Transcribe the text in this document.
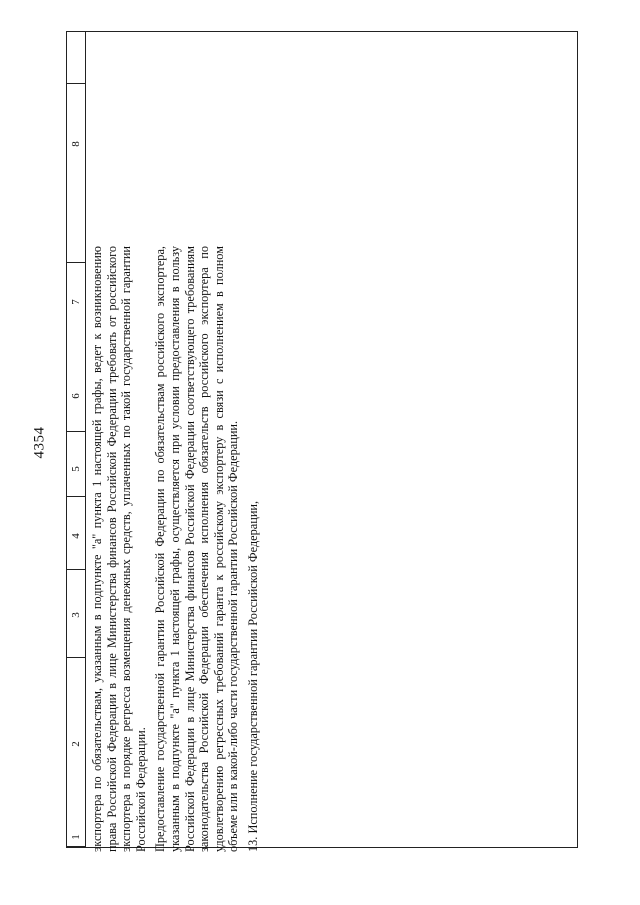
4354
8
7
6
5
4
3
2
1 экспортера по обязательствам, указанным в подпункте "а" пункта 1 настоящей графы, ведет к возникновению права Российской Федерации в лице Министерства финансов Российской Федерации требовать от российского экспортера в порядке регресса возмещения денежных средств, уплаченных по такой государственной гарантии Российской Федерации. Предоставление государственной гарантии Российской Федерации по обязательствам российского экспортера, указанным в подпункте "а" пункта 1 настоящей графы, осуществляется при условии предоставления в пользу Российской Федерации в лице Министерства финансов Российской Федерации соответствующего требованиям законодательства Российской Федерации обеспечения исполнения обязательств российского экспортера по удовлетворению регрессных требований гаранта к российскому экспортеру в связи с исполнением в полном объеме или в какой-либо части государственной гарантии Российской Федерации. 13. Исполнение государственной гарантии Российской Федерации,
